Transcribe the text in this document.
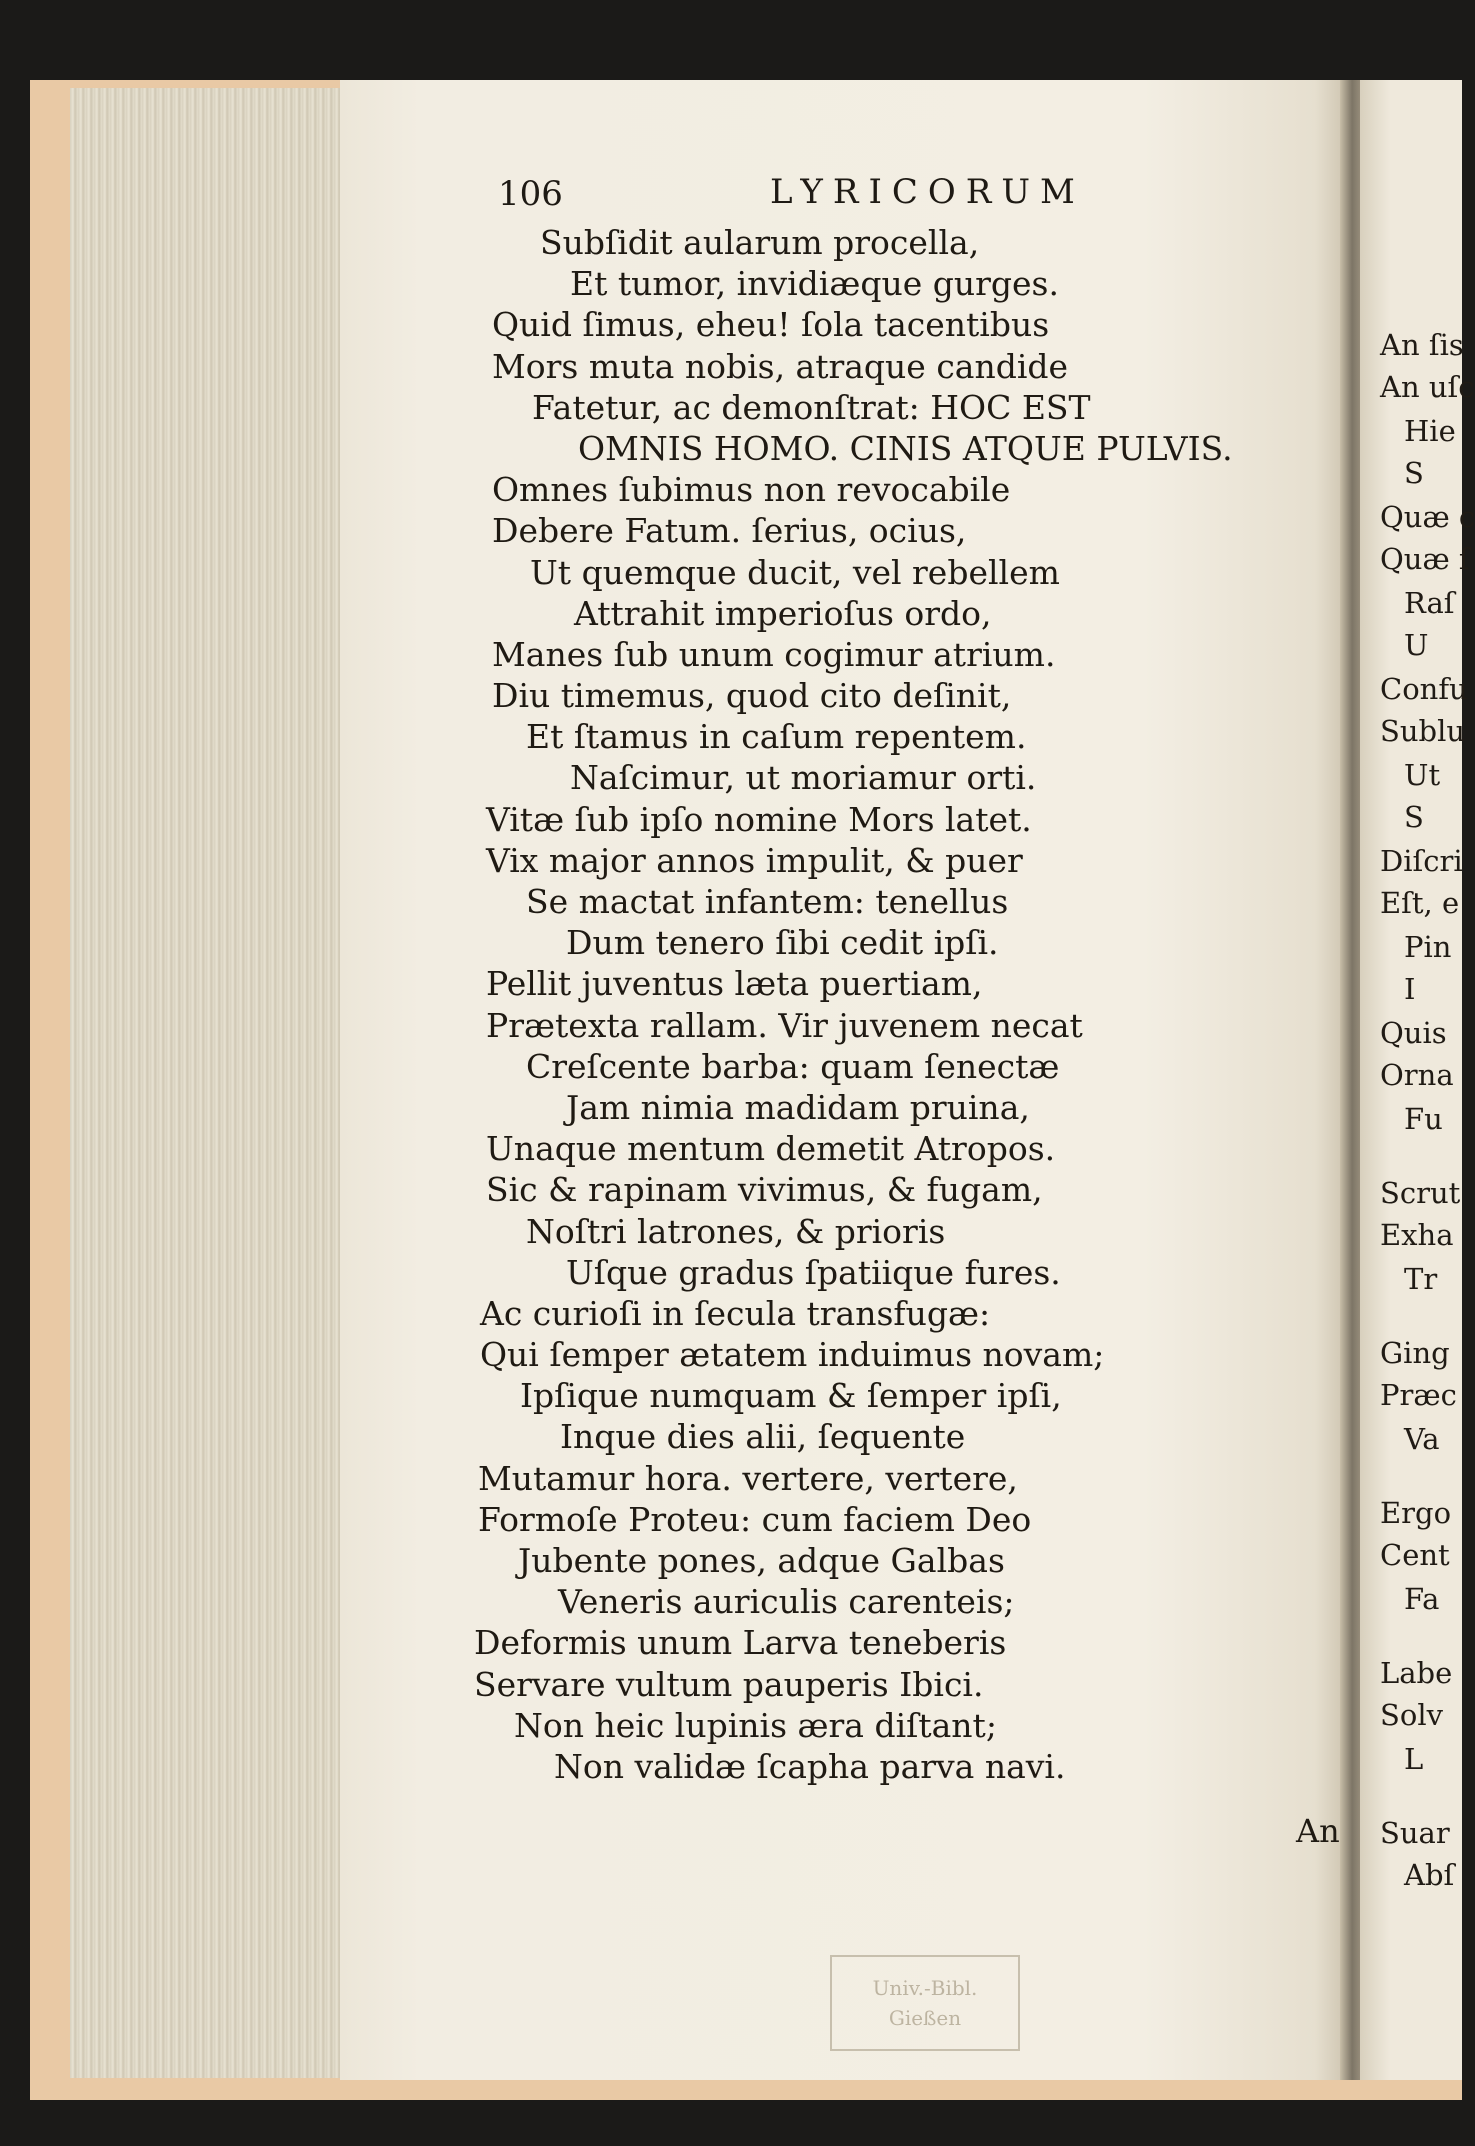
An ſis
An uſc
Hie
S
Quæ c
Quæ ſ
Raſ
U
Confu
Sublu
Ut
S
Diſcri
Eſt, e
Pin
I
Quis
Orna
Fu
Scrut
Exha
Tr
Ging
Præc
Va
Ergo
Cent
Fa
Labe
Solv
L
Suar
Abſ
106	LYRICORUM
Subſidit aularum procella,
Et tumor, invidiæque gurges.
Quid ſimus, eheu! ſola tacentibus
Mors muta nobis, atraque candide
Fatetur, ac demonſtrat: HOC EST
OMNIS HOMO. CINIS ATQUE PULVIS.
Omnes ſubimus non revocabile
Debere Fatum. ſerius, ocius,
Ut quemque ducit, vel rebellem
Attrahit imperioſus ordo,
Manes ſub unum cogimur atrium.
Diu timemus, quod cito deſinit,
Et ſtamus in caſum repentem.
Naſcimur, ut moriamur orti.
Vitæ ſub ipſo nomine Mors latet.
Vix major annos impulit, & puer
Se mactat infantem: tenellus
Dum tenero ſibi cedit ipſi.
Pellit juventus læta puertiam,
Prætexta rallam. Vir juvenem necat
Creſcente barba: quam ſenectæ
Jam nimia madidam pruina,
Unaque mentum demetit Atropos.
Sic & rapinam vivimus, & fugam,
Noſtri latrones, & prioris
Uſque gradus ſpatiique fures.
Ac curioſi in ſecula transfugæ:
Qui ſemper ætatem induimus novam;
Ipſique numquam & ſemper ipſi,
Inque dies alii, ſequente
Mutamur hora. vertere, vertere,
Formoſe Proteu: cum faciem Deo
Jubente pones, adque Galbas
Veneris auriculis carenteis;
Deformis unum Larva teneberis
Servare vultum pauperis Ibici.
Non heic lupinis æra diſtant;
Non validæ ſcapha parva navi.
An
Univ.-Bibl.
Gießen
